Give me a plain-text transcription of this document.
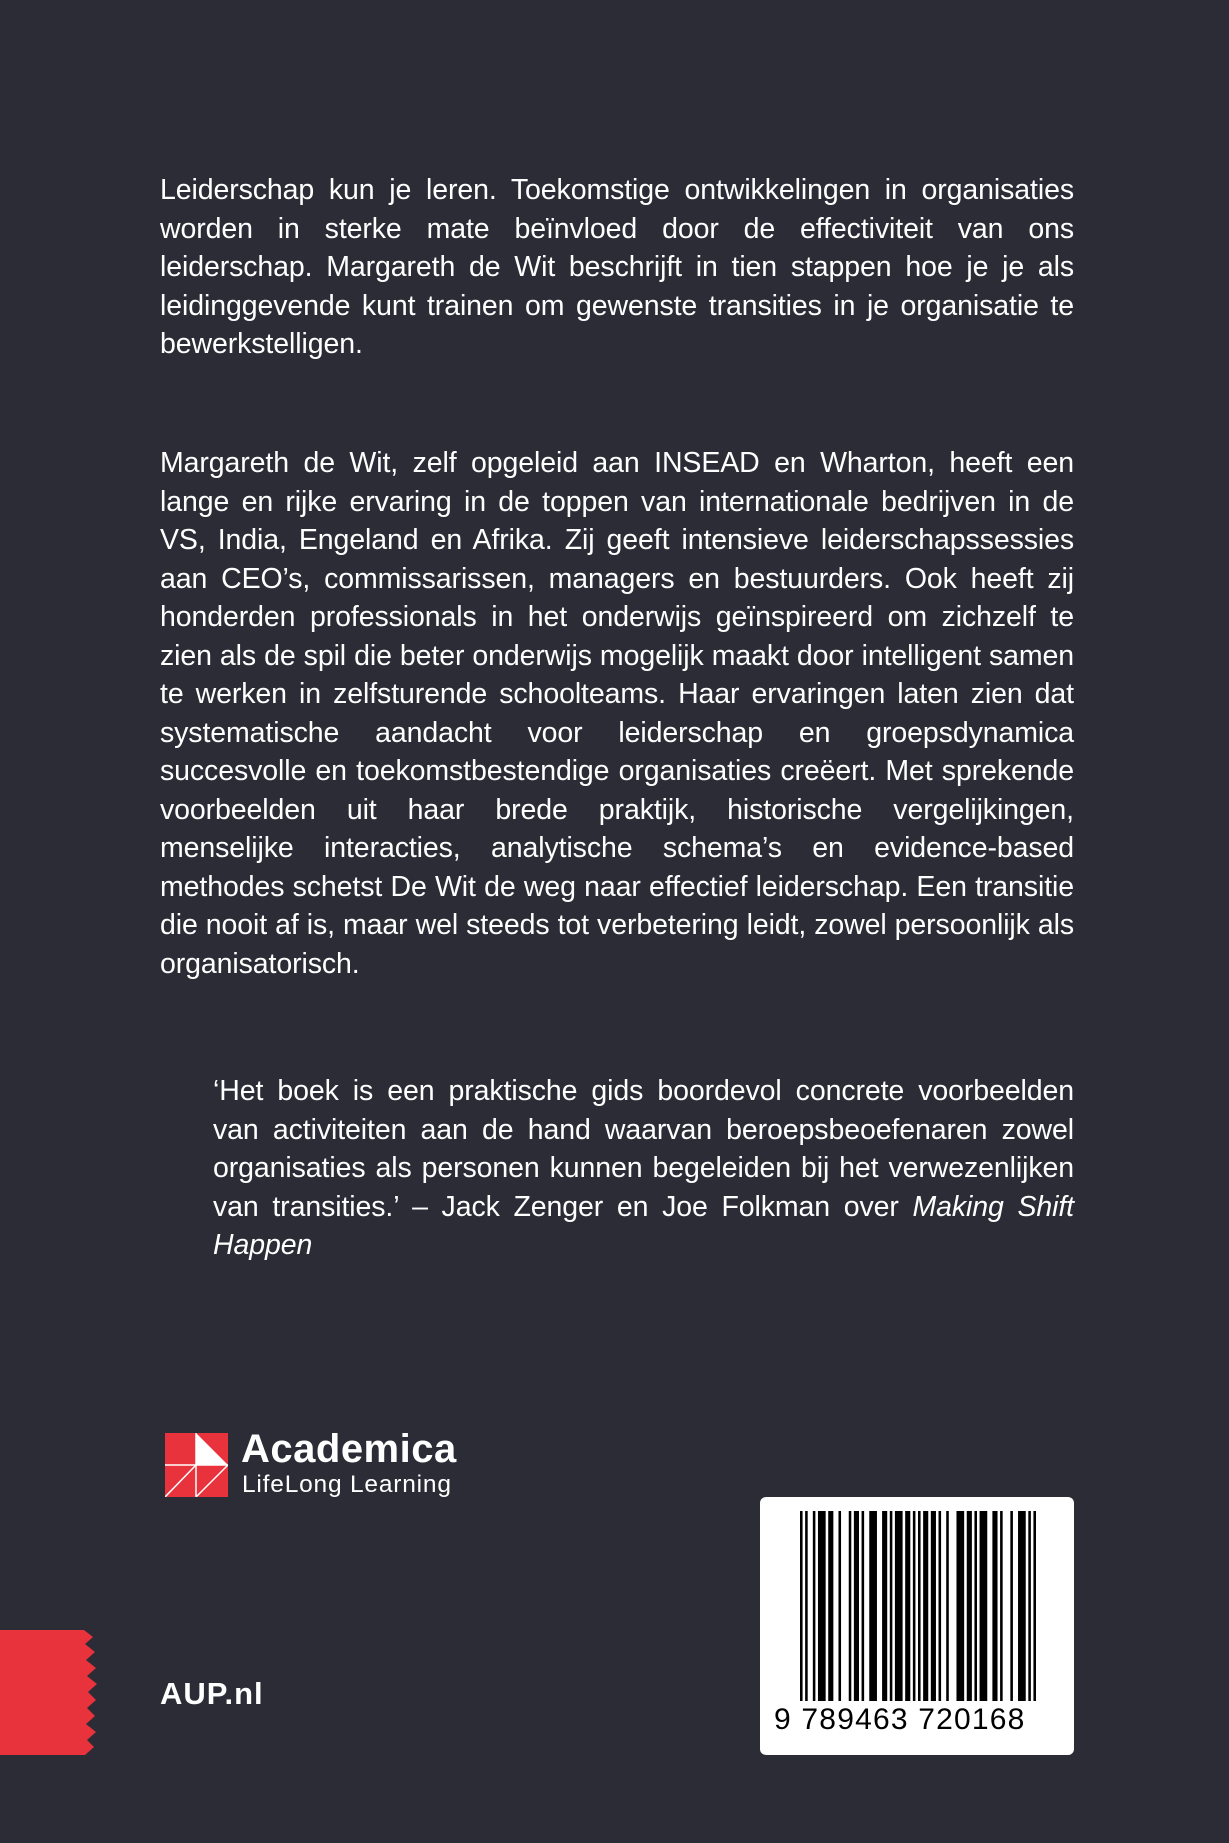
Leiderschap kun je leren. Toekomstige ontwikkelingen in organisaties worden in sterke mate beïnvloed door de effectiviteit van ons leiderschap. Margareth de Wit beschrijft in tien stappen hoe je je als leidinggevende kunt trainen om gewenste transities in je organisatie te bewerkstelligen.

Margareth de Wit, zelf opgeleid aan INSEAD en Wharton, heeft een lange en rijke ervaring in de toppen van internationale bedrijven in de VS, India, Engeland en Afrika. Zij geeft intensieve leiderschapssessies aan CEO’s, commissarissen, managers en bestuurders. Ook heeft zij honderden professionals in het onderwijs geïnspireerd om zichzelf te zien als de spil die beter onderwijs mogelijk maakt door intelligent samen te werken in zelfsturende schoolteams. Haar ervaringen laten zien dat systematische aandacht voor leiderschap en groepsdynamica succesvolle en toekomstbestendige organisaties creëert. Met sprekende voorbeelden uit haar brede praktijk, historische vergelijkingen, menselijke interacties, analytische schema’s en evidence-based methodes schetst De Wit de weg naar effectief leiderschap. Een transitie die nooit af is, maar wel steeds tot verbetering leidt, zowel persoonlijk als organisatorisch.

‘Het boek is een praktische gids boordevol concrete voorbeelden van activiteiten aan de hand waarvan beroepsbeoefenaren zowel organisaties als personen kunnen begeleiden bij het verwezenlijken van transities.’ – Jack Zenger en Joe Folkman over Making Shift Happen

Academica
LifeLong Learning
AUP.nl
9 789463 720168
